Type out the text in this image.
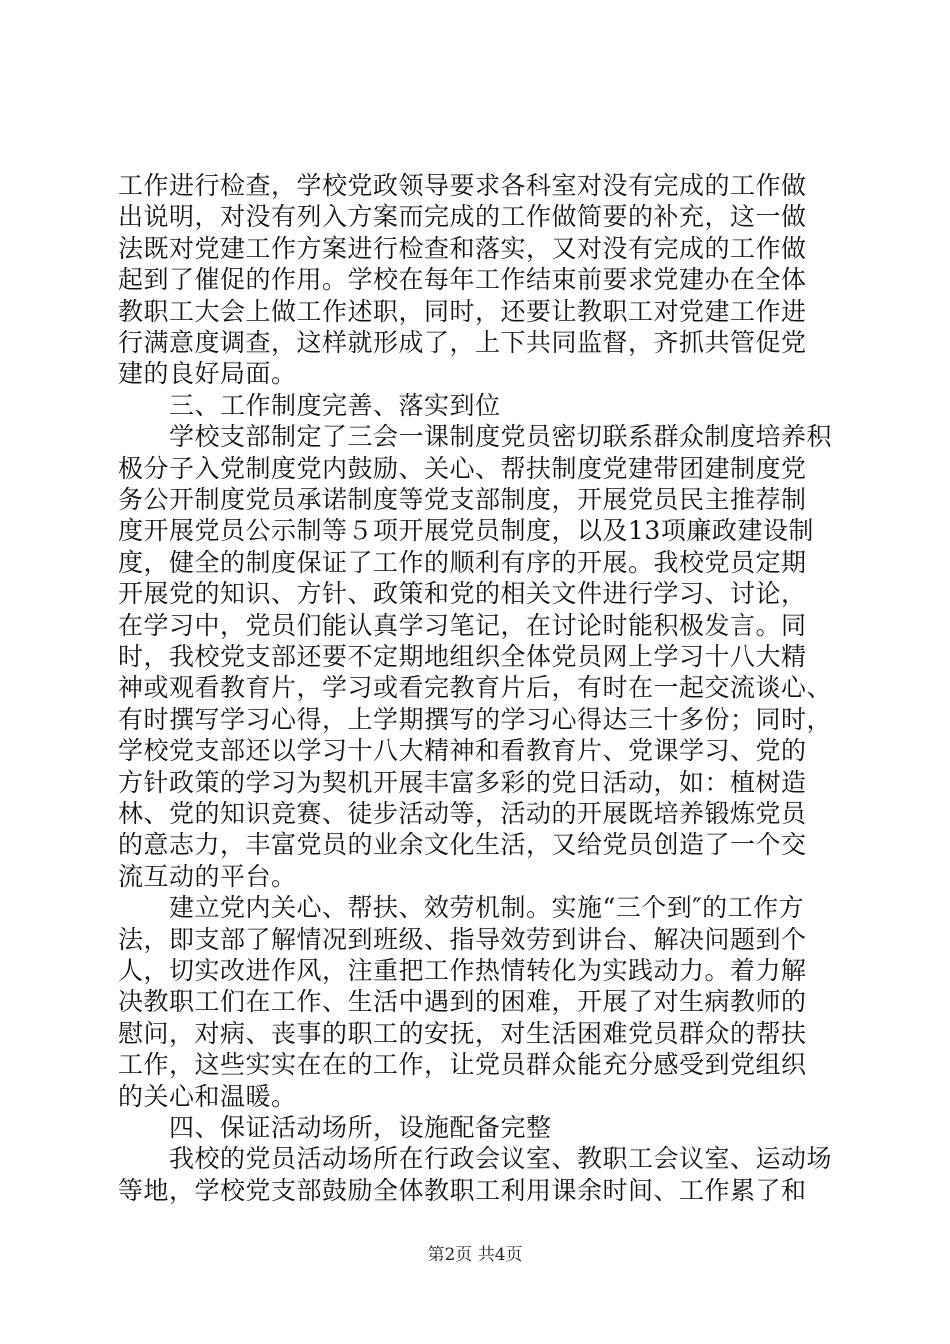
工作进行检查，学校党政领导要求各科室对没有完成的工作做
出说明，对没有列入方案而完成的工作做简要的补充，这一做
法既对党建工作方案进行检查和落实，又对没有完成的工作做
起到了催促的作用。学校在每年工作结束前要求党建办在全体
教职工大会上做工作述职，同时，还要让教职工对党建工作进
行满意度调查，这样就形成了，上下共同监督，齐抓共管促党
建的良好局面。
　　三、工作制度完善、落实到位
　　学校支部制定了三会一课制度党员密切联系群众制度培养积
极分子入党制度党内鼓励、关心、帮扶制度党建带团建制度党
务公开制度党员承诺制度等党支部制度，开展党员民主推荐制
度开展党员公示制等５项开展党员制度，以及13项廉政建设制
度，健全的制度保证了工作的顺利有序的开展。我校党员定期
开展党的知识、方针、政策和党的相关文件进行学习、讨论，
在学习中，党员们能认真学习笔记，在讨论时能积极发言。同
时，我校党支部还要不定期地组织全体党员网上学习十八大精
神或观看教育片，学习或看完教育片后，有时在一起交流谈心、
有时撰写学习心得，上学期撰写的学习心得达三十多份；同时，
学校党支部还以学习十八大精神和看教育片、党课学习、党的
方针政策的学习为契机开展丰富多彩的党日活动，如：植树造
林、党的知识竞赛、徒步活动等，活动的开展既培养锻炼党员
的意志力，丰富党员的业余文化生活，又给党员创造了一个交
流互动的平台。
　　建立党内关心、帮扶、效劳机制。实施“三个到″的工作方
法，即支部了解情况到班级、指导效劳到讲台、解决问题到个
人，切实改进作风，注重把工作热情转化为实践动力。着力解
决教职工们在工作、生活中遇到的困难，开展了对生病教师的
慰问，对病、丧事的职工的安抚，对生活困难党员群众的帮扶
工作，这些实实在在的工作，让党员群众能充分感受到党组织
的关心和温暖。
　　四、保证活动场所，设施配备完整
　　我校的党员活动场所在行政会议室、教职工会议室、运动场
等地，学校党支部鼓励全体教职工利用课余时间、工作累了和
第2页 共4页
